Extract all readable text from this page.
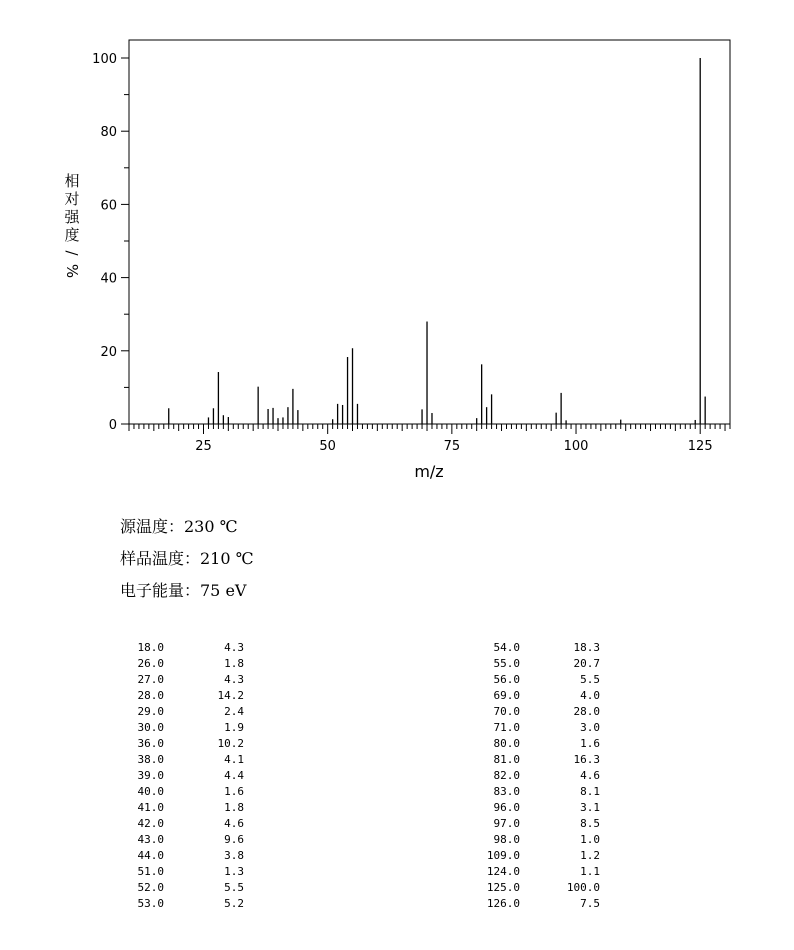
0
20
40
60
80
100
25	50	75	100	125
m/z
相
对
强
度
/
%
源温度：230 ℃
样品温度：210 ℃
电子能量：75 eV
18.0	4.3
26.0	1.8
27.0	4.3
28.0	14.2
29.0	2.4
30.0	1.9
36.0	10.2
38.0	4.1
39.0	4.4
40.0	1.6
41.0	1.8
42.0	4.6
43.0	9.6
44.0	3.8
51.0	1.3
52.0	5.5
53.0	5.2
54.0	18.3
55.0	20.7
56.0	5.5
69.0	4.0
70.0	28.0
71.0	3.0
80.0	1.6
81.0	16.3
82.0	4.6
83.0	8.1
96.0	3.1
97.0	8.5
98.0	1.0
109.0	1.2
124.0	1.1
125.0	100.0
126.0	7.5
